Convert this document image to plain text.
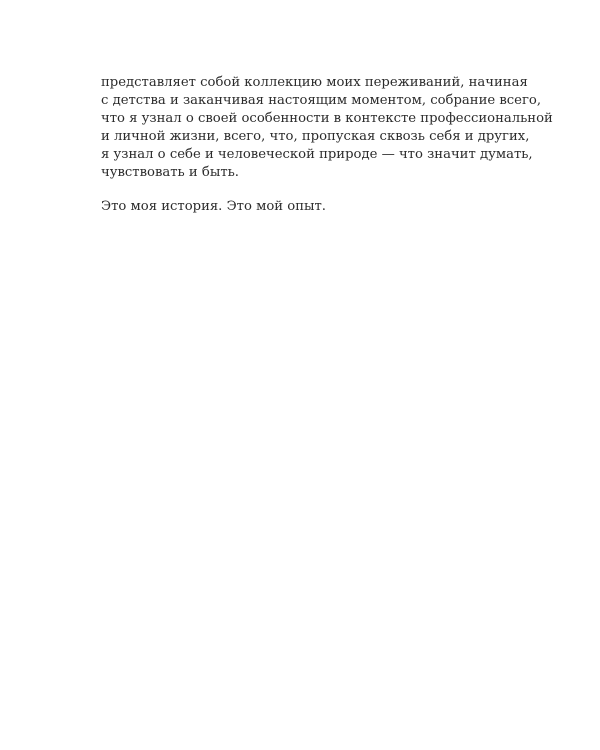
представляет собой коллекцию моих переживаний, начиная
с детства и заканчивая настоящим моментом, собрание всего,
что я узнал о своей особенности в контексте профессиональной
и личной жизни, всего, что, пропуская сквозь себя и других,
я узнал о себе и человеческой природе — что значит думать,
чувствовать и быть.

Это моя история. Это мой опыт.
